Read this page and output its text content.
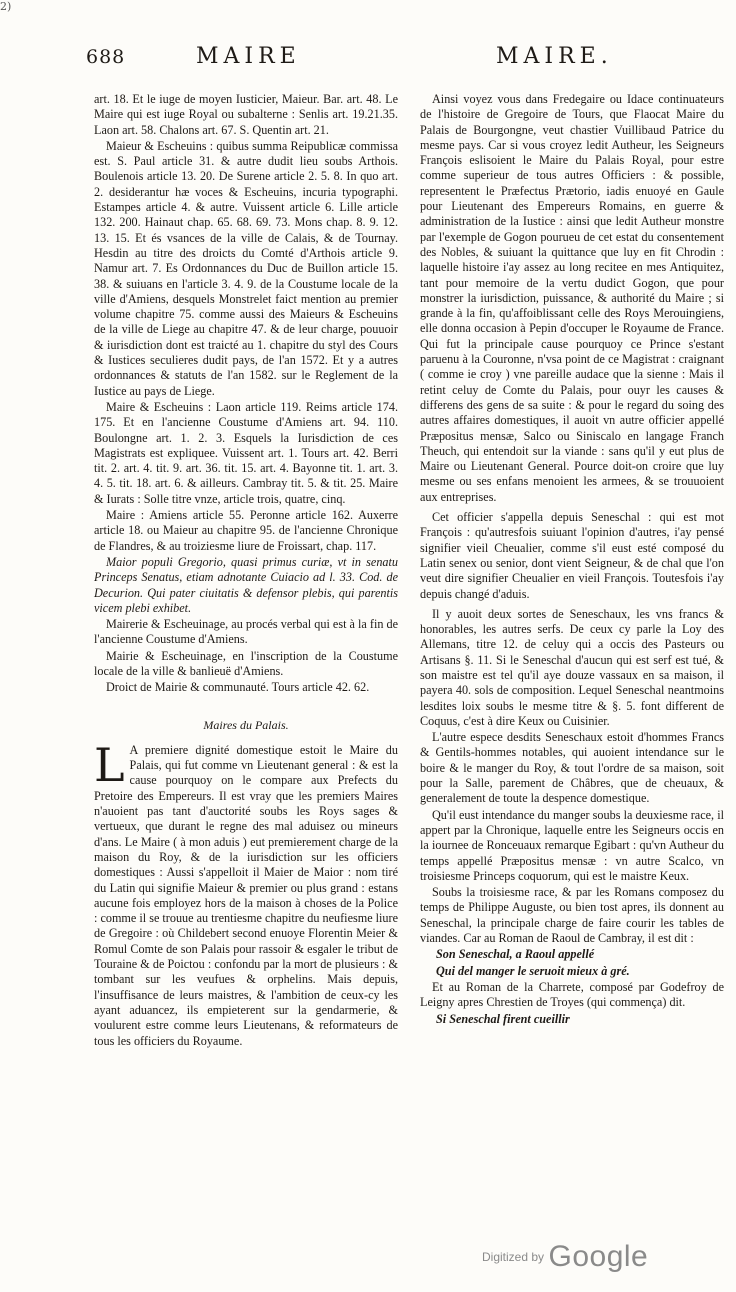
2)
688	MAIRE	MAIRE.

art. 18. Et le iuge de moyen Iusticier, Maieur. Bar. art. 48. Le Maire qui est iuge Royal ou subalterne : Senlis art. 19.21.35. Laon art. 58. Chalons art. 67. S. Quentin art. 21.

Maieur & Escheuins : quibus summa Reipublicæ commissa est. S. Paul article 31. & autre dudit lieu soubs Arthois. Boulenois article 13. 20. De Surene article 2. 5. 8. In quo art. 2. desiderantur hæ voces & Escheuins, incuria typographi. Estampes article 4. & autre. Vuissent article 6. Lille article 132. 200. Hainaut chap. 65. 68. 69. 73. Mons chap. 8. 9. 12. 13. 15. Et és vsances de la ville de Calais, & de Tournay. Hesdin au titre des droicts du Comté d'Arthois article 9. Namur art. 7. Es Ordonnances du Duc de Buillon article 15. 38. & suiuans en l'article 3. 4. 9. de la Coustume locale de la ville d'Amiens, desquels Monstrelet faict mention au premier volume chapitre 75. comme aussi des Maieurs & Escheuins de la ville de Liege au chapitre 47. & de leur charge, pouuoir & iurisdiction dont est traicté au 1. chapitre du styl des Cours & Iustices seculieres dudit pays, de l'an 1572. Et y a autres ordonnances & statuts de l'an 1582. sur le Reglement de la Iustice au pays de Liege.

Maire & Escheuins : Laon article 119. Reims article 174. 175. Et en l'ancienne Coustume d'Amiens art. 94. 110. Boulongne art. 1. 2. 3. Esquels la Iurisdiction de ces Magistrats est expliquee. Vuissent art. 1. Tours art. 42. Berri tit. 2. art. 4. tit. 9. art. 36. tit. 15. art. 4. Bayonne tit. 1. art. 3. 4. 5. tit. 18. art. 6. & ailleurs. Cambray tit. 5. & tit. 25. Maire & Iurats : Solle titre vnze, article trois, quatre, cinq.

Maire : Amiens article 55. Peronne article 162. Auxerre article 18. ou Maieur au chapitre 95. de l'ancienne Chronique de Flandres, & au troiziesme liure de Froissart, chap. 117.

Maior populi Gregorio, quasi primus curiæ, vt in senatu Princeps Senatus, etiam adnotante Cuiacio ad l. 33. Cod. de Decurion. Qui pater ciuitatis & defensor plebis, qui parentis vicem plebi exhibet.

Mairerie & Escheuinage, au procés verbal qui est à la fin de l'ancienne Coustume d'Amiens.

Mairie & Escheuinage, en l'inscription de la Coustume locale de la ville & banlieuë d'Amiens.

Droict de Mairie & communauté. Tours article 42. 62.

Maires du Palais.

L A premiere dignité domestique estoit le Maire du Palais, qui fut comme vn Lieutenant general : & est la cause pourquoy on le compare aux Prefects du Pretoire des Empereurs. Il est vray que les premiers Maires n'auoient pas tant d'auctorité soubs les Roys sages & vertueux, que durant le regne des mal aduisez ou mineurs d'ans. Le Maire ( à mon aduis ) eut premierement charge de la maison du Roy, & de la iurisdiction sur les officiers domestiques : Aussi s'appelloit il Maier de Maior : nom tiré du Latin qui signifie Maieur & premier ou plus grand : estans aucune fois employez hors de la maison à choses de la Police : comme il se trouue au trentiesme chapitre du neufiesme liure de Gregoire : où Childebert second enuoye Florentin Meier & Romul Comte de son Palais pour rassoir & esgaler le tribut de Touraine & de Poictou : confondu par la mort de plusieurs : & tombant sur les veufues & orphelins. Mais depuis, l'insuffisance de leurs maistres, & l'ambition de ceux-cy les ayant aduancez, ils empieterent sur la gendarmerie, & voulurent estre comme leurs Lieutenans, & reformateurs de tous les officiers du Royaume.

Ainsi voyez vous dans Fredegaire ou Idace continuateurs de l'histoire de Gregoire de Tours, que Flaocat Maire du Palais de Bourgongne, veut chastier Vuillibaud Patrice du mesme pays. Car si vous croyez ledit Autheur, les Seigneurs François eslisoient le Maire du Palais Royal, pour estre comme superieur de tous autres Officiers : & possible, representent le Præfectus Prætorio, iadis enuoyé en Gaule pour Lieutenant des Empereurs Romains, en guerre & administration de la Iustice : ainsi que ledit Autheur monstre par l'exemple de Gogon pourueu de cet estat du consentement des Nobles, & suiuant la quittance que luy en fit Chrodin : laquelle histoire i'ay assez au long recitee en mes Antiquitez, tant pour memoire de la vertu dudict Gogon, que pour monstrer la iurisdiction, puissance, & authorité du Maire ; si grande à la fin, qu'affoiblissant celle des Roys Merouingiens, elle donna occasion à Pepin d'occuper le Royaume de France. Qui fut la principale cause pourquoy ce Prince s'estant paruenu à la Couronne, n'vsa point de ce Magistrat : craignant ( comme ie croy ) vne pareille audace que la sienne : Mais il retint celuy de Comte du Palais, pour ouyr les causes & differens des gens de sa suite : & pour le regard du soing des autres affaires domestiques, il auoit vn autre officier appellé Præpositus mensæ, Salco ou Siniscalo en langage Franch Theuch, qui entendoit sur la viande : sans qu'il y eut plus de Maire ou Lieutenant General. Pource doit-on croire que luy mesme ou ses enfans menoient les armees, & se trouuoient aux entreprises.

Cet officier s'appella depuis Seneschal : qui est mot François : qu'autresfois suiuant l'opinion d'autres, i'ay pensé signifier vieil Cheualier, comme s'il eust esté composé du Latin senex ou senior, dont vient Seigneur, & de chal que l'on veut dire signifier Cheualier en vieil François. Toutesfois i'ay depuis changé d'aduis.

Il y auoit deux sortes de Seneschaux, les vns francs & honorables, les autres serfs. De ceux cy parle la Loy des Allemans, titre 12. de celuy qui a occis des Pasteurs ou Artisans §. 11. Si le Seneschal d'aucun qui est serf est tué, & son maistre est tel qu'il aye douze vassaux en sa maison, il payera 40. sols de composition. Lequel Seneschal neantmoins lesdites loix soubs le mesme titre & §. 5. font different de Coquus, c'est à dire Keux ou Cuisinier.

L'autre espece desdits Seneschaux estoit d'hommes Francs & Gentils-hommes notables, qui auoient intendance sur le boire & le manger du Roy, & tout l'ordre de sa maison, soit pour la Salle, parement de Châbres, que de cheuaux, & generalement de toute la despence domestique.

Qu'il eust intendance du manger soubs la deuxiesme race, il appert par la Chronique, laquelle entre les Seigneurs occis en la iournee de Ronceuaux remarque Egibart : qu'vn Autheur du temps appellé Præpositus mensæ : vn autre Scalco, vn troisiesme Princeps coquorum, qui est le maistre Keux.

Soubs la troisiesme race, & par les Romans composez du temps de Philippe Auguste, ou bien tost apres, ils donnent au Seneschal, la principale charge de faire courir les tables de viandes. Car au Roman de Raoul de Cambray, il est dit :

Son Seneschal, a Raoul appellé

Qui del manger le seruoit mieux à gré.

Et au Roman de la Charrete, composé par Godefroy de Leigny apres Chrestien de Troyes (qui commença) dit.

Si Seneschal firent cueillir

Digitized by Google
